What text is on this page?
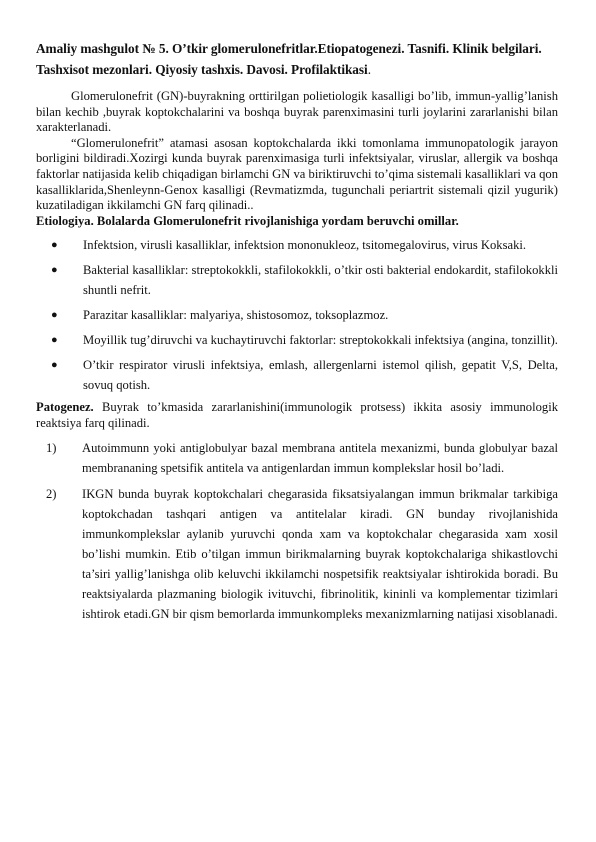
Amaliy mashgulot № 5. O’tkir glomerulonefritlar.Etiopatogenezi. Tasnifi. Klinik belgilari. Tashxisot mezonlari. Qiyosiy tashxis. Davosi. Profilaktikasi.

Glomerulonefrit (GN)-buyrakning orttirilgan polietiologik kasalligi bo’lib, immun-yallig’lanish bilan kechib ,buyrak koptokchalarini va boshqa buyrak parenximasini turli joylarini zararlanishi bilan xarakterlanadi.

“Glomerulonefrit” atamasi asosan koptokchalarda ikki tomonlama immunopatologik jarayon borligini bildiradi.Xozirgi kunda buyrak parenximasiga turli infektsiyalar, viruslar, allergik va boshqa faktorlar natijasida kelib chiqadigan birlamchi GN va biriktiruvchi to’qima sistemali kasalliklari va qon kasalliklarida,Shenleynn-Genox kasalligi (Revmatizmda, tugunchali periartrit sistemali qizil yugurik) kuzatiladigan ikkilamchi GN farq qilinadi..

Etiologiya. Bolalarda Glomerulonefrit rivojlanishiga yordam beruvchi omillar.
● Infektsion, virusli kasalliklar, infektsion mononukleoz, tsitomegalovirus, virus Koksaki.
● Bakterial kasalliklar: streptokokkli, stafilokokkli, o’tkir osti bakterial endokardit, stafilokokkli shuntli nefrit.
● Parazitar kasalliklar: malyariya, shistosomoz, toksoplazmoz.
● Moyillik tug’diruvchi va kuchaytiruvchi faktorlar: streptokokkali infektsiya (angina, tonzillit).
● O’tkir respirator virusli infektsiya, emlash, allergenlarni istemol qilish, gepatit V,S, Delta, sovuq qotish.

Patogenez. Buyrak to’kmasida zararlanishini(immunologik protsess) ikkita asosiy immunologik reaktsiya farq qilinadi.

1) Autoimmunn yoki antiglobulyar bazal membrana antitela mexanizmi, bunda globulyar bazal membrananing spetsifik antitela va antigenlardan immun komplekslar hosil bo’ladi.
2) IKGN bunda buyrak koptokchalari chegarasida fiksatsiyalangan immun brikmalar tarkibiga koptokchadan tashqari antigen va antitelalar kiradi. GN bunday rivojlanishida immunkomplekslar aylanib yuruvchi qonda xam va koptokchalar chegarasida xam xosil bo’lishi mumkin. Etib o’tilgan immun birikmalarning buyrak koptokchalariga shikastlovchi ta’siri yallig’lanishga olib keluvchi ikkilamchi nospetsifik reaktsiyalar ishtirokida boradi. Bu reaktsiyalarda plazmaning biologik ivituvchi, fibrinolitik, kininli va komplementar tizimlari ishtirok etadi.GN bir qism bemorlarda immunkompleks mexanizmlarning natijasi xisoblanadi.
